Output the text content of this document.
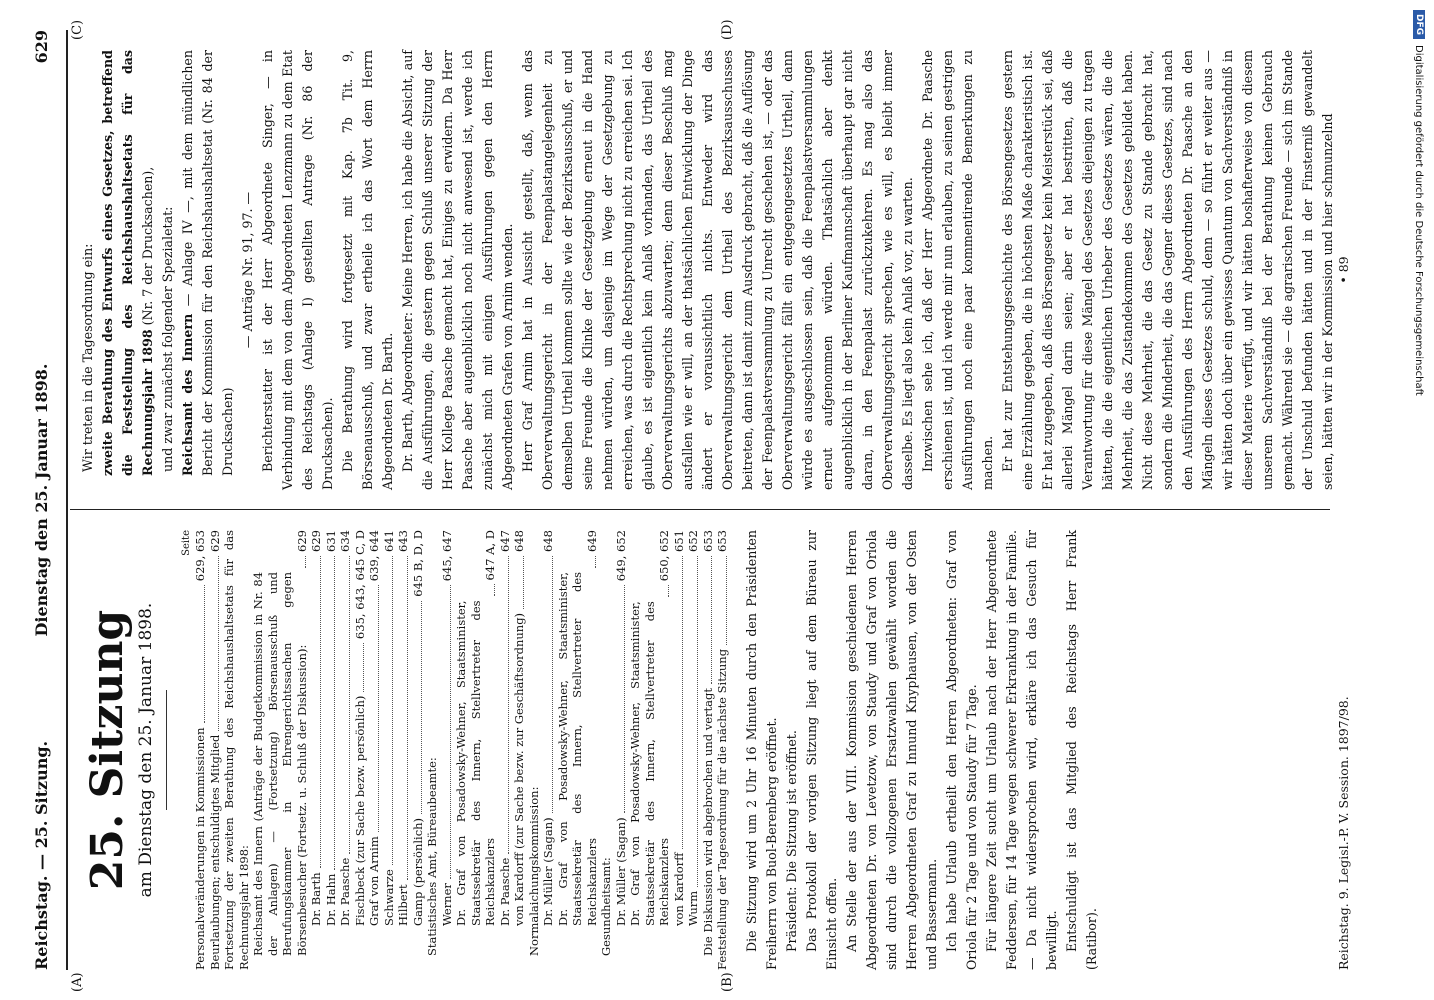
Reichstag. — 25. Sitzung.
Dienstag den 25. Januar 1898.
629
(A)	(B)
(C)	(D)
25. Sitzung am Dienstag den 25. Januar 1898.
Seite
Personalveränderungen in Kommissionen
629, 653
Beurlaubungen; entschuldigtes Mitglied
629 Fortsetzung der zweiten Berathung des Reichshaushaltsetats für das Rechnungsjahr 1898: Reichsamt des Innern (Anträge der Budgetkommission in Nr. 84 der Anlagen) — (Fortsetzung) Börsenausschuß und Berufungskammer in Ehrengerichtssachen gegen Börsenbesucher (Fortsetz. u. Schluß der Diskussion):
629
Dr. Barth
629
Dr. Hahn
631
Dr. Paasche
634
Fischbeck (zur Sache bezw. persönlich)
635, 643, 645 C, D
Graf von Arnim
639, 644
Schwarze
641
Hilbert
643
Gamp (persönlich)
645 B, D, D
Statistisches Amt, Büreaubeamte: Werner
645, 647
Dr. Graf von Posadowsky-Wehner, Staatsminister, Staatssekretär des Innern, Stellvertreter des Reichskanzlers
647 A, D
Dr. Paasche
647
von Kardorff (zur Sache bezw. zur Geschäftsordnung)
648
Normalaichungskommission: Dr. Müller (Sagan)
648
Dr. Graf von Posadowsky-Wehner, Staatsminister, Staatssekretär des Innern, Stellvertreter des Reichskanzlers
649
Gesundheitsamt: Dr. Müller (Sagan)
649, 652
Dr. Graf von Posadowsky-Wehner, Staatsminister, Staatssekretär des Innern, Stellvertreter des Reichskanzlers
650, 652
von Kardorff
651
Wurm
652
Die Diskussion wird abgebrochen und vertagt
653
Feststellung der Tagesordnung für die nächste Sitzung
653 Die Sitzung wird um 2 Uhr 16 Minuten durch den Präsidenten Freiherrn von Buol-Berenberg eröffnet. Präsident: Die Sitzung ist eröffnet. Das Protokoll der vorigen Sitzung liegt auf dem Büreau zur Einsicht offen. An Stelle der aus der VIII. Kommission geschiedenen Herren Abgeordneten Dr. von Levetzow, von Staudy und Graf von Oriola sind durch die vollzogenen Ersatzwahlen gewählt worden die Herren Abgeordneten Graf zu Innund Knyphausen, von der Osten und Bassermann. Ich habe Urlaub ertheilt den Herren Abgeordneten: Graf von Oriola für 2 Tage und von Staudy für 7 Tage. Für längere Zeit sucht um Urlaub nach der Herr Abgeordnete Feddersen, für 14 Tage wegen schwerer Erkrankung in der Familie. — Da nicht widersprochen wird, erkläre ich das Gesuch für bewilligt. Entschuldigt ist das Mitglied des Reichstags Herr Frank (Ratibor).

Wir treten in die Tagesordnung ein: zweite Berathung des Entwurfs eines Gesetzes, betreffend die Feststellung des Reichshaushaltsetats für das Rechnungsjahr 1898 (Nr. 7 der Drucksachen), und zwar zunächst folgender Spezialetat: Reichsamt des Innern — Anlage IV —, mit dem mündlichen Bericht der Kommission für den Reichshaushaltsetat (Nr. 84 der Drucksachen)

— Anträge Nr. 91, 97. — Berichterstatter ist der Herr Abgeordnete Singer, — in Verbindung mit dem von dem Abgeordneten Lenzmann zu dem Etat des Reichstags (Anlage I) gestellten Antrage (Nr. 86 der Drucksachen). Die Berathung wird fortgesetzt mit Kap. 7b Tit. 9, Börsenausschuß, und zwar ertheile ich das Wort dem Herrn Abgeordneten Dr. Barth. Dr. Barth, Abgeordneter: Meine Herren, ich habe die Absicht, auf die Ausführungen, die gestern gegen Schluß unserer Sitzung der Herr Kollege Paasche gemacht hat, Einiges zu erwidern. Da Herr Paasche aber augenblicklich noch nicht anwesend ist, werde ich zunächst mich mit einigen Ausführungen gegen den Herrn Abgeordneten Grafen von Arnim wenden. Herr Graf Arnim hat in Aussicht gestellt, daß, wenn das Oberverwaltungsgericht in der Feenpalastangelegenheit zu demselben Urtheil kommen sollte wie der Bezirksausschuß, er und seine Freunde die Klinke der Gesetzgebung erneut in die Hand nehmen würden, um dasjenige im Wege der Gesetzgebung zu erreichen, was durch die Rechtsprechung nicht zu erreichen sei. Ich glaube, es ist eigentlich kein Anlaß vorhanden, das Urtheil des Oberverwaltungsgerichts abzuwarten; denn dieser Beschluß mag ausfallen wie er will, an der thatsächlichen Entwicklung der Dinge ändert er voraussichtlich nichts. Entweder wird das Oberverwaltungsgericht dem Urtheil des Bezirksausschusses beitreten, dann ist damit zum Ausdruck gebracht, daß die Auflösung der Feenpalastversammlung zu Unrecht geschehen ist, — oder das Oberverwaltungsgericht fällt ein entgegengesetztes Urtheil, dann würde es ausgeschlossen sein, daß die Feenpalastversammlungen erneut aufgenommen würden. Thatsächlich aber denkt augenblicklich in der Berliner Kaufmannschaft überhaupt gar nicht daran, in den Feenpalast zurückzukehren. Es mag also das Oberverwaltungsgericht sprechen, wie es will, es bleibt immer dasselbe. Es liegt also kein Anlaß vor, zu warten. Inzwischen sehe ich, daß der Herr Abgeordnete Dr. Paasche erschienen ist, und ich werde mir nun erlauben, zu seinen gestrigen Ausführungen noch eine paar kommentirende Bemerkungen zu machen. Er hat zur Entstehungsgeschichte des Börsengesetzes gestern eine Erzählung gegeben, die in höchsten Maße charakteristisch ist. Er hat zugegeben, daß dies Börsengesetz kein Meisterstück sei, daß allerlei Mängel darin seien; aber er hat bestritten, daß die Verantwortung für diese Mängel des Gesetzes diejenigen zu tragen hätten, die die eigentlichen Urheber des Gesetzes wären, die die Mehrheit, die das Zustandekommen des Gesetzes gebildet haben. Nicht diese Mehrheit, die das Gesetz zu Stande gebracht hat, sondern die Minderheit, die das Gegner dieses Gesetzes, sind nach den Ausführungen des Herrn Abgeordneten Dr. Paasche an den Mängeln dieses Gesetzes schuld, denn — so führt er weiter aus — wir hätten doch über ein gewisses Quantum von Sachverständniß in dieser Materie verfügt, und wir hätten boshafterweise von diesem unserem Sachverständniß bei der Berathung keinen Gebrauch gemacht. Während sie — die agrarischen Freunde — sich im Stande der Unschuld befunden hätten und in der Finsterniß gewandelt seien, hätten wir in der Kommission und hier schmunzelnd

Reichstag. 9. Legisl.-P. V. Session. 1897/98.
• 89
DFG
Digitalisierung gefördert durch die Deutsche Forschungsgemeinschaft
